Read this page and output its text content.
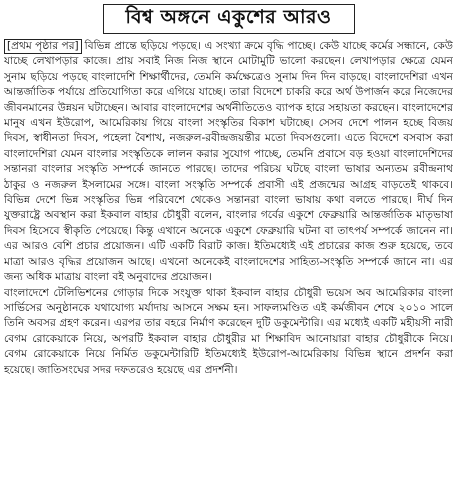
বিশ্ব অঙ্গনে একুশের আরও

[প্রথম পৃষ্ঠার পর] বিভিন্ন প্রান্তে ছড়িয়ে পড়ছে। এ সংখ্যা ক্রমে বৃদ্ধি পাচ্ছে। কেউ যাচ্ছে কর্মের সন্ধানে, কেউ যাচ্ছে লেখাপড়ার কাজে। প্রায় সবাই নিজ নিজ স্থানে মোটামুটি ভালো করছেন। লেখাপড়ার ক্ষেত্রে যেমন সুনাম ছড়িয়ে পড়ছে বাংলাদেশি শিক্ষার্থীদের, তেমনি কর্মক্ষেত্রেও সুনাম দিন দিন বাড়ছে। বাংলাদেশিরা এখন আন্তর্জাতিক পর্যায়ে প্রতিযোগিতা করে এগিয়ে যাচ্ছে। তারা বিদেশে চাকরি করে অর্থ উপার্জন করে নিজেদের জীবনমানের উন্নয়ন ঘটাচ্ছেন। আবার বাংলাদেশের অর্থনীতিতেও ব্যাপক হারে সহায়তা করছেন। বাংলাদেশের মানুষ এখন ইউরোপ, আমেরিকায় গিয়ে বাংলা সংস্কৃতির বিকাশ ঘটাচ্ছে। সেসব দেশে পালন হচ্ছে বিজয় দিবস, স্বাধীনতা দিবস, পহেলা বৈশাখ, নজরুল-রবীন্দ্রজয়ন্তীর মতো দিবসগুলো। এতে বিদেশে বসবাস করা বাংলাদেশিরা যেমন বাংলার সংস্কৃতিকে লালন করার সুযোগ পাচ্ছে, তেমনি প্রবাসে বড় হওয়া বাংলাদেশিদের সন্তানরা বাংলার সংস্কৃতি সম্পর্কে জানতে পারছে। তাদের পরিচয় ঘটছে বাংলা ভাষার অন্যতম রবীন্দ্রনাথ ঠাকুর ও নজরুল ইসলামের সঙ্গে। বাংলা সংস্কৃতি সম্পর্কে প্রবাসী এই প্রজন্মের আগ্রহ বাড়তেই থাকবে। বিভিন্ন দেশে ভিন্ন সংস্কৃতির ভিন্ন পরিবেশে থেকেও সন্তানরা বাংলা ভাষায় কথা বলতে পারছে। দীর্ঘ দিন যুক্তরাষ্ট্রে অবস্থান করা ইকবাল বাহার চৌধুরী বলেন, বাংলার গর্বের একুশে ফেব্রুয়ারি আন্তর্জাতিক মাতৃভাষা দিবস হিসেবে স্বীকৃতি পেয়েছে। কিন্তু এখানে অনেকে একুশে ফেব্রুয়ারি ঘটনা বা তাৎপর্য সম্পর্কে জানেন না। এর আরও বেশি প্রচার প্রয়োজন। এটি একটি বিরাট কাজ। ইতিমধ্যেই এই প্রচারের কাজ শুরু হয়েছে, তবে মাত্রা আরও বৃদ্ধির প্রয়োজন আছে। এখনো অনেকেই বাংলাদেশের সাহিত্য-সংস্কৃতি সম্পর্কে জানে না। এর জন্য অধিক মাত্রায় বাংলা বই অনুবাদের প্রয়োজন।

বাংলাদেশে টেলিভিশনের গোড়ার দিকে সংযুক্ত থাকা ইকবাল বাহার চৌধুরী ভয়েস অব আমেরিকার বাংলা সার্ভিসের অনুষ্ঠানকে যথাযোগ্য মর্যাদায় আসনে সক্ষম হন। সাফল্যমণ্ডিত এই কর্মজীবন শেষে ২০১০ সালে তিনি অবসর গ্রহণ করেন। এরপর তার বহরে নির্মাণ করেছেন দুটি ডকুমেন্টারি। এর মধ্যেই একটি মহীয়সী নারী বেগম রোকেয়াকে নিয়ে, অপরটি ইকবাল বাহার চৌধুরীর মা শিক্ষাবিদ আনোয়ারা বাহার চৌধুরীকে নিয়ে। বেগম রোকেয়াকে নিয়ে নির্মিত ডকুমেন্টারিটি ইতিমধ্যেই ইউরোপ-আমেরিকায় বিভিন্ন স্থানে প্রদর্শন করা হয়েছে। জাতিসংঘের সদর দফতরেও হয়েছে এর প্রদর্শনী।
